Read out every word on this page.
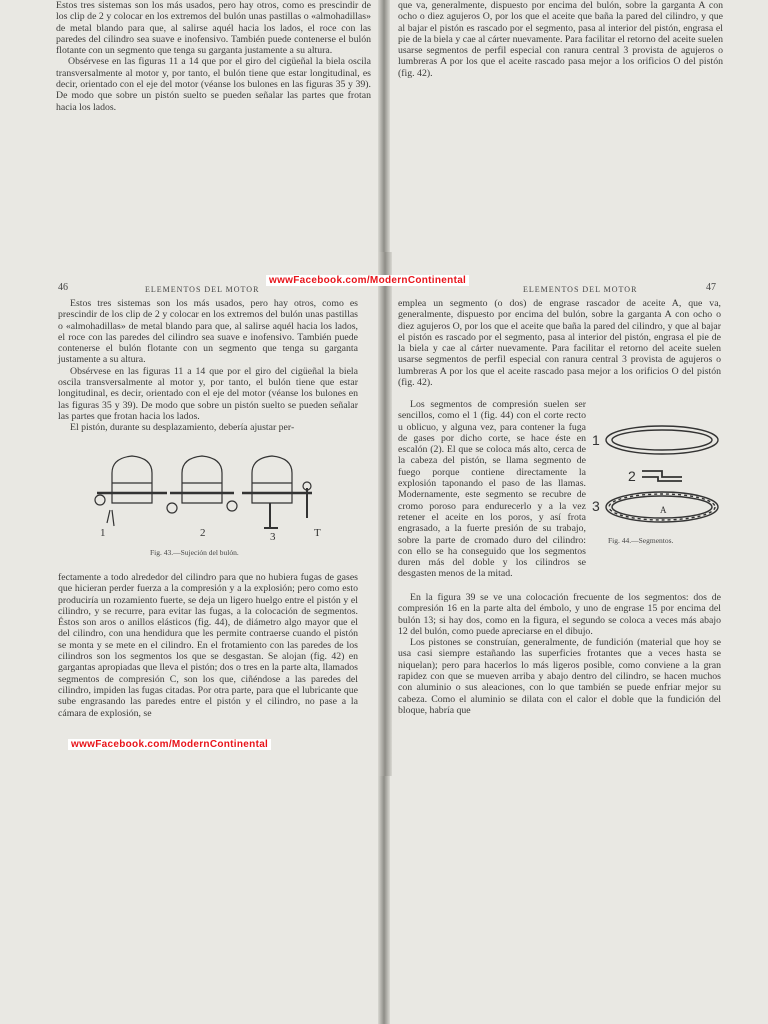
Estos tres sistemas son los más usados, pero hay otros, como es prescindir de los clip de 2 y colocar en los extremos del bulón unas pastillas o «almohadillas» de metal blando para que, al salirse aquél hacia los lados, el roce con las paredes del cilindro sea suave e inofensivo. También puede contenerse el bulón flotante con un segmento que tenga su garganta justamente a su altura.

Obsérvese en las figuras 11 a 14 que por el giro del cigüeñal la biela oscila transversalmente al motor y, por tanto, el bulón tiene que estar longitudinal, es decir, orientado con el eje del motor (véanse los bulones en las figuras 35 y 39). De modo que sobre un pistón suelto se pueden señalar las partes que frotan hacia los lados.

que va, generalmente, dispuesto por encima del bulón, sobre la garganta A con ocho o diez agujeros O, por los que el aceite que baña la pared del cilindro, y que al bajar el pistón es rascado por el segmento, pasa al interior del pistón, engrasa el pie de la biela y cae al cárter nuevamente. Para facilitar el retorno del aceite suelen usarse segmentos de perfil especial con ranura central 3 provista de agujeros o lumbreras A por los que el aceite rascado pasa mejor a los orificios O del pistón (fig. 42).

46	ELEMENTOS DEL MOTOR	ELEMENTOS DEL MOTOR	47
wwwFacebook.com/ModernContinental
wwwFacebook.com/ModernContinental

Estos tres sistemas son los más usados, pero hay otros, como es prescindir de los clip de 2 y colocar en los extremos del bulón unas pastillas o «almohadillas» de metal blando para que, al salirse aquél hacia los lados, el roce con las paredes del cilindro sea suave e inofensivo. También puede contenerse el bulón flotante con un segmento que tenga su garganta justamente a su altura.

Obsérvese en las figuras 11 a 14 que por el giro del cigüeñal la biela oscila transversalmente al motor y, por tanto, el bulón tiene que estar longitudinal, es decir, orientado con el eje del motor (véanse los bulones en las figuras 35 y 39). De modo que sobre un pistón suelto se pueden señalar las partes que frotan hacia los lados.

El pistón, durante su desplazamiento, debería ajustar per-

1	2	3	T
Fig. 43.—Sujeción del bulón.

fectamente a todo alrededor del cilindro para que no hubiera fugas de gases que hicieran perder fuerza a la compresión y a la explosión; pero como esto produciría un rozamiento fuerte, se deja un ligero huelgo entre el pistón y el cilindro, y se recurre, para evitar las fugas, a la colocación de segmentos. Éstos son aros o anillos elásticos (fig. 44), de diámetro algo mayor que el del cilindro, con una hendidura que les permite contraerse cuando el pistón se monta y se mete en el cilindro. En el frotamiento con las paredes de los cilindros son los segmentos los que se desgastan. Se alojan (fig. 42) en gargantas apropiadas que lleva el pistón; dos o tres en la parte alta, llamados segmentos de compresión C, son los que, ciñéndose a las paredes del cilindro, impiden las fugas citadas. Por otra parte, para que el lubricante que sube engrasando las paredes entre el pistón y el cilindro, no pase a la cámara de explosión, se

emplea un segmento (o dos) de engrase rascador de aceite A, que va, generalmente, dispuesto por encima del bulón, sobre la garganta A con ocho o diez agujeros O, por los que el aceite que baña la pared del cilindro, y que al bajar el pistón es rascado por el segmento, pasa al interior del pistón, engrasa el pie de la biela y cae al cárter nuevamente. Para facilitar el retorno del aceite suelen usarse segmentos de perfil especial con ranura central 3 provista de agujeros o lumbreras A por los que el aceite rascado pasa mejor a los orificios O del pistón (fig. 42).

1
2
3	A
Fig. 44.—Segmentos.

Los segmentos de compresión suelen ser sencillos, como el 1 (fig. 44) con el corte recto u oblicuo, y alguna vez, para contener la fuga de gases por dicho corte, se hace éste en escalón (2). El que se coloca más alto, cerca de la cabeza del pistón, se llama segmento de fuego porque contiene directamente la explosión taponando el paso de las llamas. Modernamente, este segmento se recubre de cromo poroso para endurecerlo y a la vez retener el aceite en los poros, y así frota engrasado, a la fuerte presión de su trabajo, sobre la parte de cromado duro del cilindro: con ello se ha conseguido que los segmentos duren más del doble y los cilindros se desgasten menos de la mitad.

En la figura 39 se ve una colocación frecuente de los segmentos: dos de compresión 16 en la parte alta del émbolo, y uno de engrase 15 por encima del bulón 13; si hay dos, como en la figura, el segundo se coloca a veces más abajo 12 del bulón, como puede apreciarse en el dibujo.

Los pistones se construían, generalmente, de fundición (material que hoy se usa casi siempre estañando las superficies frotantes que a veces hasta se niquelan); pero para hacerlos lo más ligeros posible, como conviene a la gran rapidez con que se mueven arriba y abajo dentro del cilindro, se hacen muchos con aluminio o sus aleaciones, con lo que también se puede enfriar mejor su cabeza. Como el aluminio se dilata con el calor el doble que la fundición del bloque, habría que
